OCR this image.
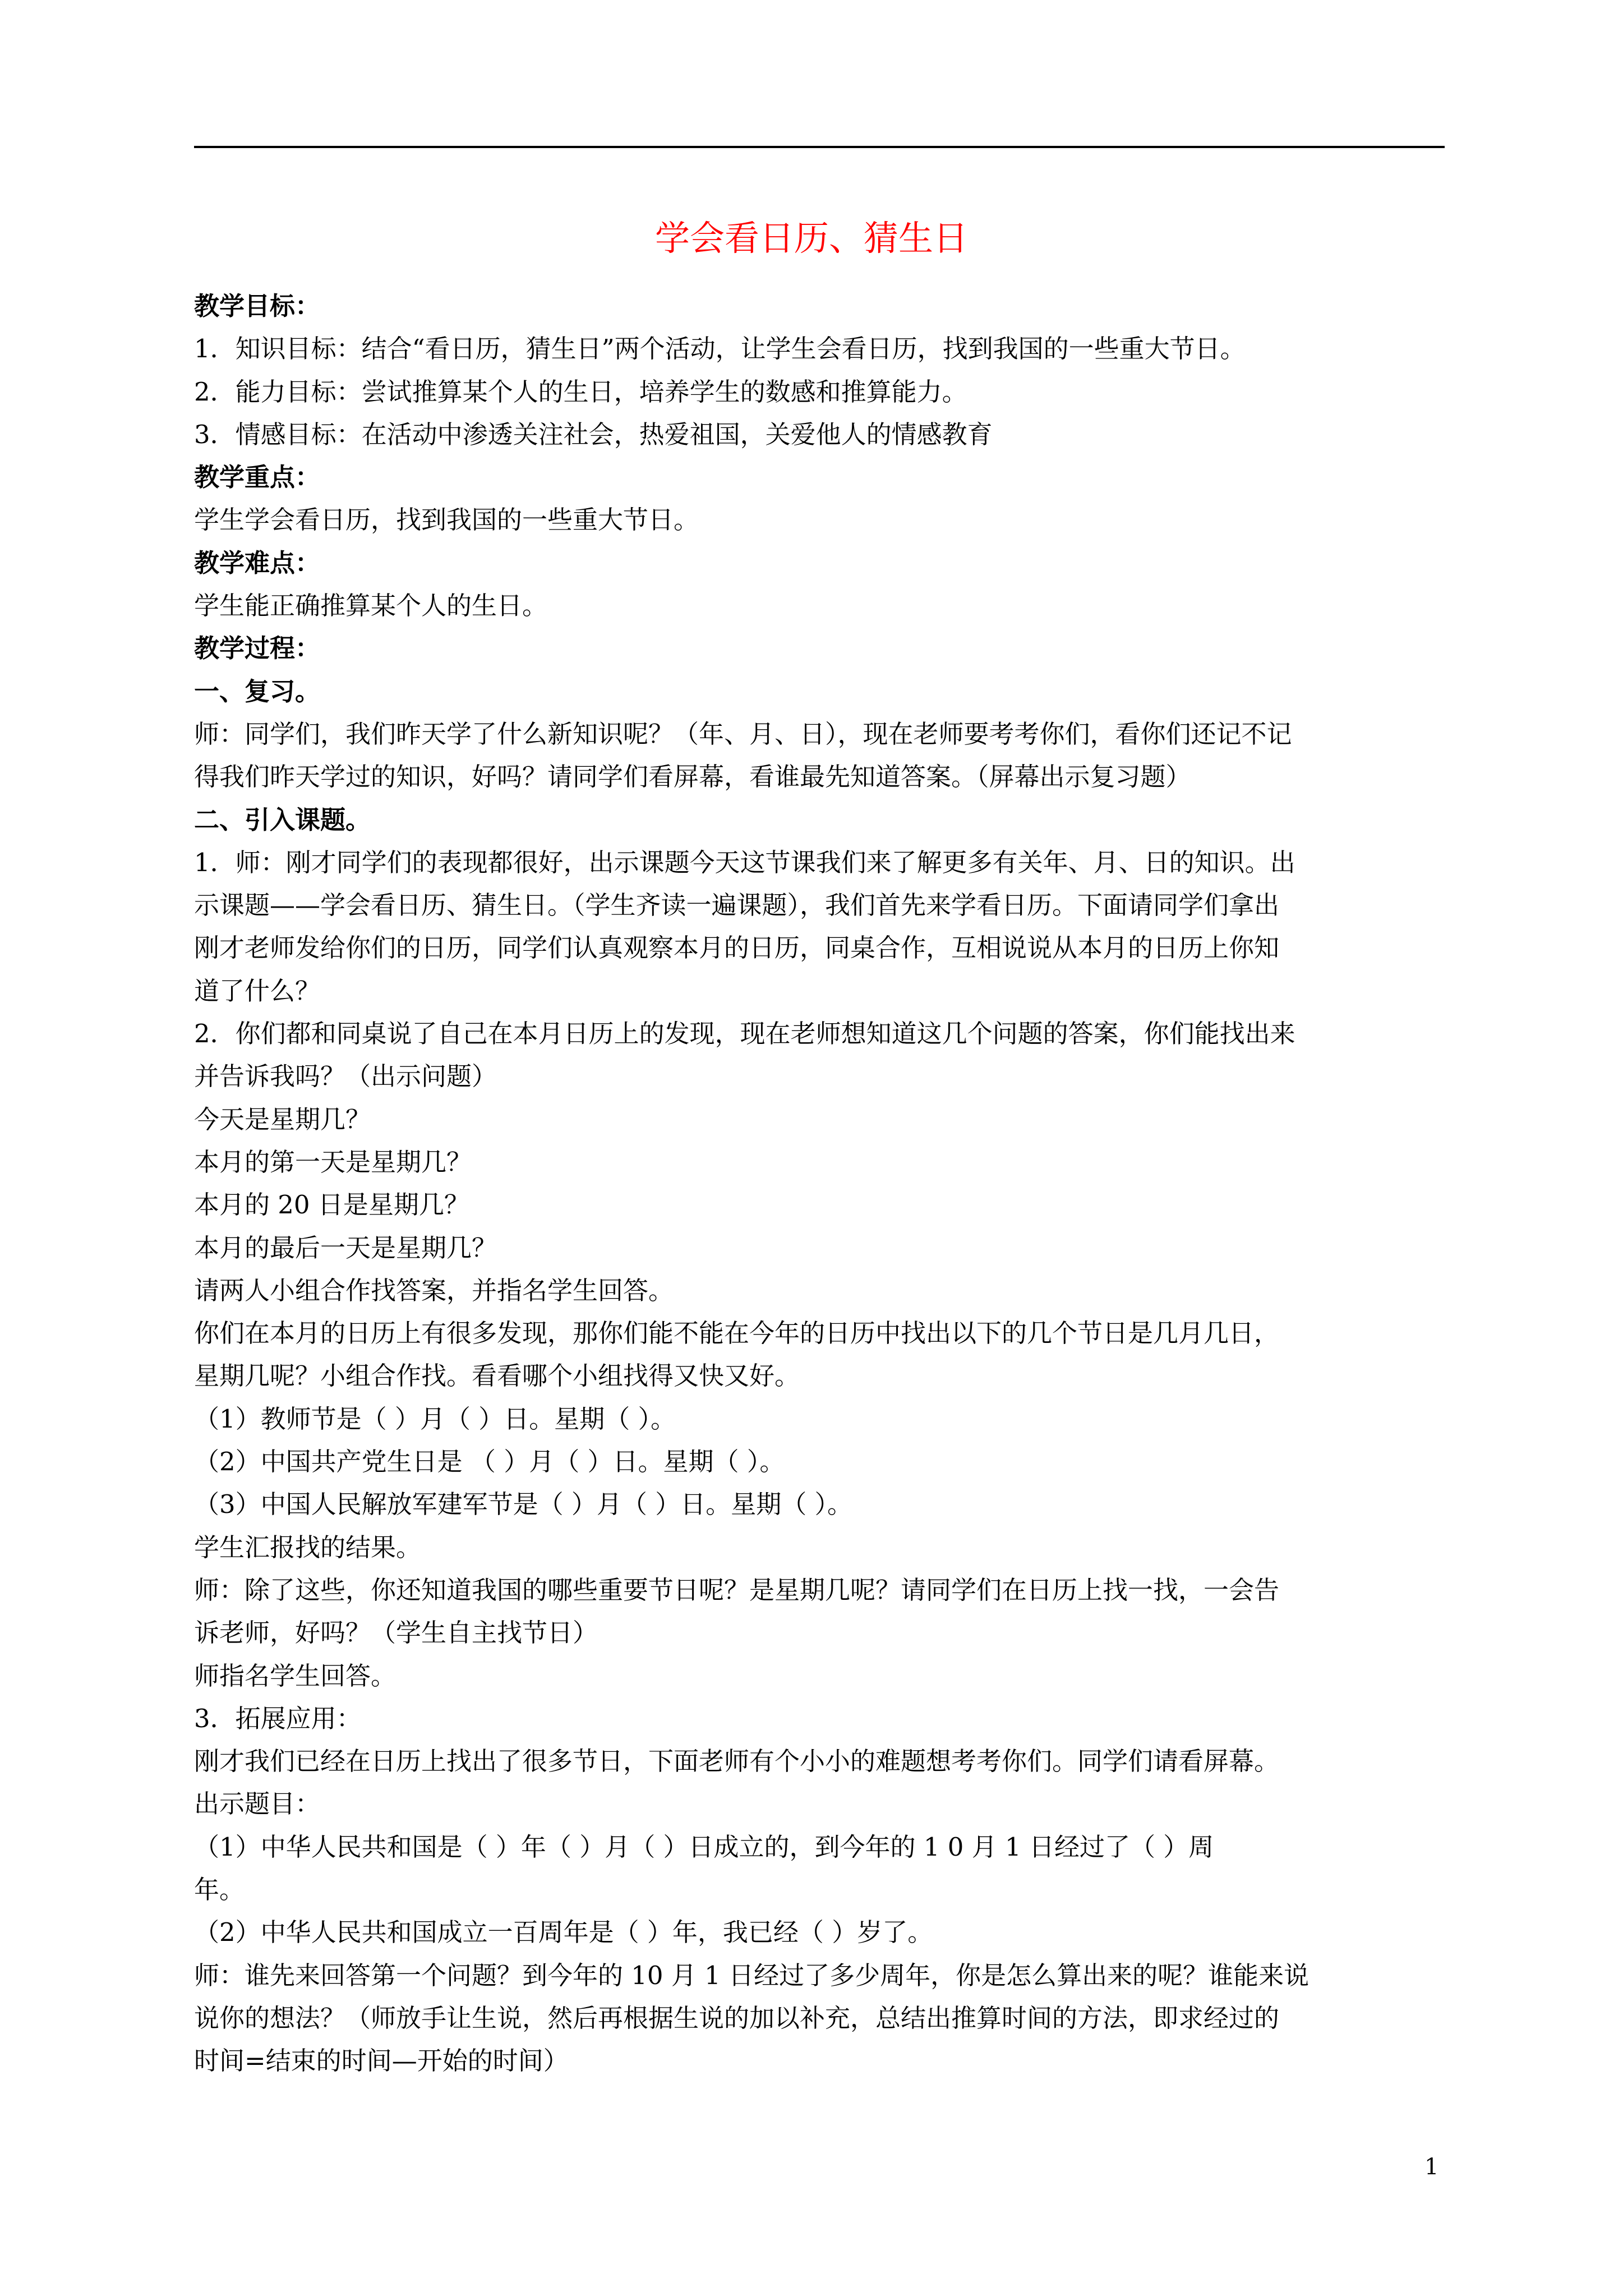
学会看日历、猜生日
教学目标：
1．知识目标：结合“看日历，猜生日”两个活动，让学生会看日历，找到我国的一些重大节日。
2．能力目标：尝试推算某个人的生日，培养学生的数感和推算能力。
3．情感目标：在活动中渗透关注社会，热爱祖国，关爱他人的情感教育
教学重点：
学生学会看日历，找到我国的一些重大节日。
教学难点：
学生能正确推算某个人的生日。
教学过程：
一、复习。
师：同学们，我们昨天学了什么新知识呢？（年、月、日），现在老师要考考你们，看你们还记不记
得我们昨天学过的知识，好吗？请同学们看屏幕，看谁最先知道答案。（屏幕出示复习题）
二、引入课题。
1．师：刚才同学们的表现都很好，出示课题今天这节课我们来了解更多有关年、月、日的知识。出
示课题——学会看日历、猜生日。（学生齐读一遍课题），我们首先来学看日历。下面请同学们拿出
刚才老师发给你们的日历，同学们认真观察本月的日历，同桌合作，互相说说从本月的日历上你知
道了什么？
2．你们都和同桌说了自己在本月日历上的发现，现在老师想知道这几个问题的答案，你们能找出来
并告诉我吗？（出示问题）
今天是星期几？
本月的第一天是星期几？
本月的 20 日是星期几？
本月的最后一天是星期几？
请两人小组合作找答案，并指名学生回答。
你们在本月的日历上有很多发现，那你们能不能在今年的日历中找出以下的几个节日是几月几日，
星期几呢？小组合作找。看看哪个小组找得又快又好。
（1）教师节是（ ）月（ ）日。星期（ ）。
（2）中国共产党生日是 （ ）月（ ）日。星期（ ）。
（3）中国人民解放军建军节是（ ）月（ ）日。星期（ ）。
学生汇报找的结果。
师：除了这些，你还知道我国的哪些重要节日呢？是星期几呢？请同学们在日历上找一找，一会告
诉老师，好吗？（学生自主找节日）
师指名学生回答。
3．拓展应用：
刚才我们已经在日历上找出了很多节日，下面老师有个小小的难题想考考你们。同学们请看屏幕。
出示题目：
（1）中华人民共和国是（ ）年（ ）月（ ）日成立的，到今年的 1 0 月 1 日经过了（ ）周
年。
（2）中华人民共和国成立一百周年是（ ）年，我已经（ ）岁了。
师：谁先来回答第一个问题？到今年的 10 月 1 日经过了多少周年，你是怎么算出来的呢？谁能来说
说你的想法？（师放手让生说，然后再根据生说的加以补充，总结出推算时间的方法，即求经过的
时间=结束的时间—开始的时间）
1
